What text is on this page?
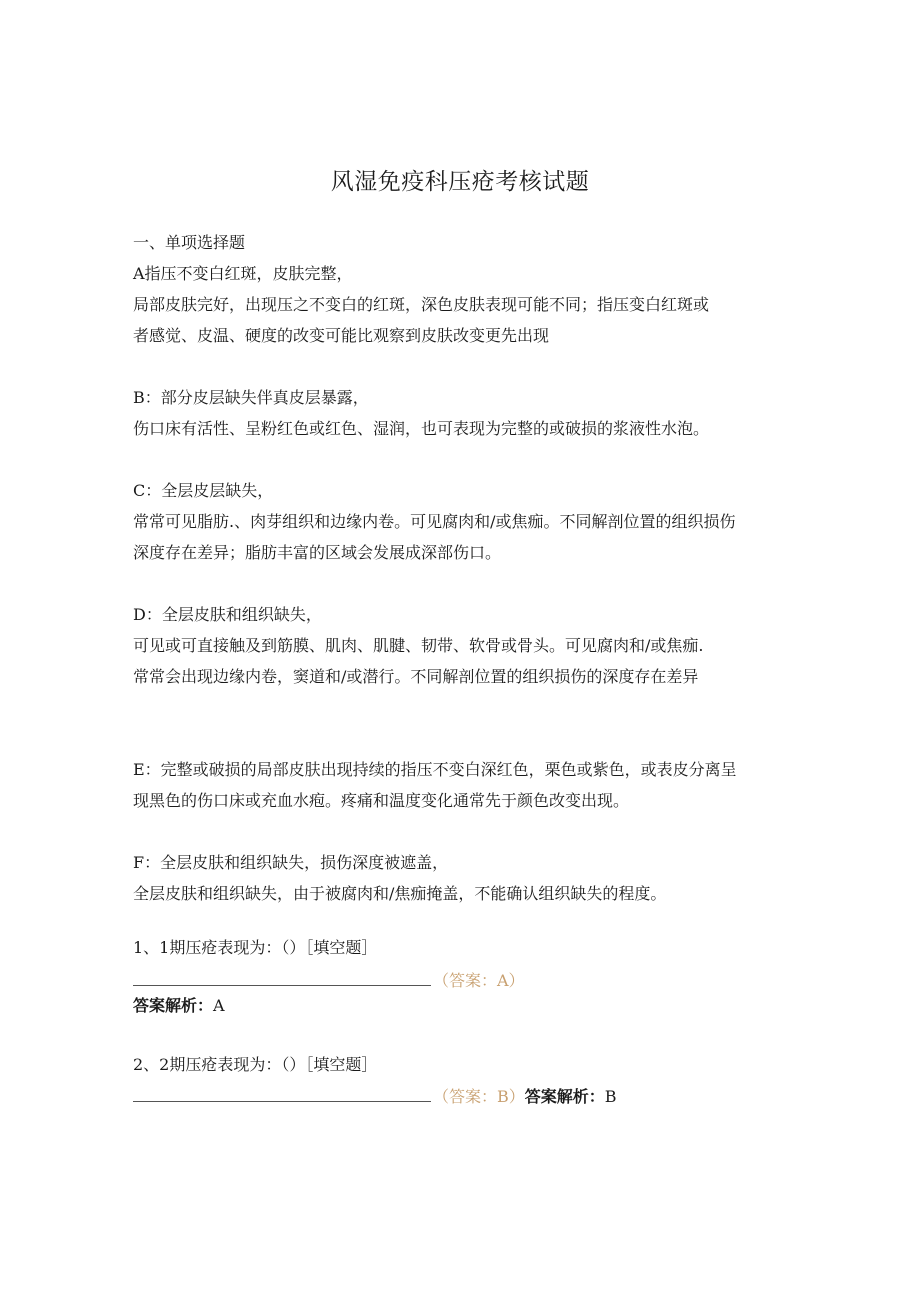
风湿免疫科压疮考核试题
一、单项选择题
A指压不变白红斑，皮肤完整，
局部皮肤完好，出现压之不变白的红斑，深色皮肤表现可能不同；指压变白红斑或
者感觉、皮温、硬度的改变可能比观察到皮肤改变更先出现
B：部分皮层缺失伴真皮层暴露，
伤口床有活性、呈粉红色或红色、湿润，也可表现为完整的或破损的浆液性水泡。
C：全层皮层缺失，
常常可见脂肪.、肉芽组织和边缘内卷。可见腐肉和/或焦痂。不同解剖位置的组织损伤
深度存在差异；脂肪丰富的区域会发展成深部伤口。
D：全层皮肤和组织缺失，
可见或可直接触及到筋膜、肌肉、肌腱、韧带、软骨或骨头。可见腐肉和/或焦痂.
常常会出现边缘内卷，窦道和/或潜行。不同解剖位置的组织损伤的深度存在差异
E：完整或破损的局部皮肤出现持续的指压不变白深红色，栗色或紫色，或表皮分离呈
现黑色的伤口床或充血水疱。疼痛和温度变化通常先于颜色改变出现。
F：全层皮肤和组织缺失，损伤深度被遮盖，
全层皮肤和组织缺失，由于被腐肉和/焦痂掩盖，不能确认组织缺失的程度。
1、1期压疮表现为：（）［填空题］
（答案：A）
答案解析：A
2、2期压疮表现为：（）［填空题］
（答案：B）答案解析：B
